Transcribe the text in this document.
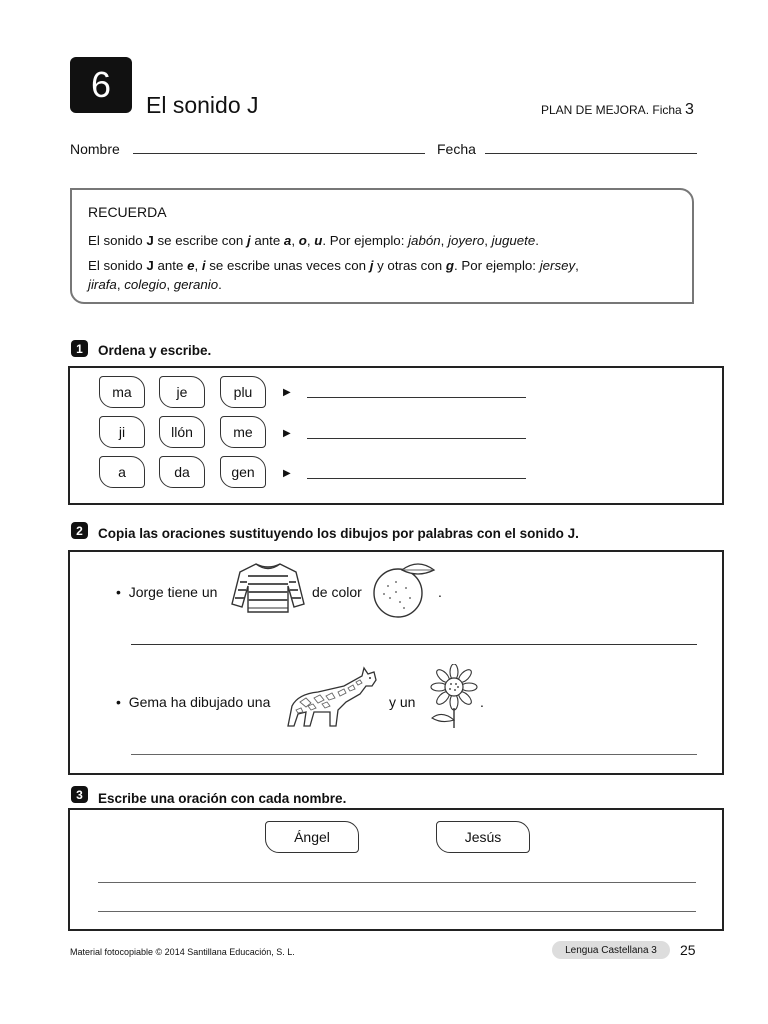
6 El sonido J	PLAN DE MEJORA. Ficha 3
Nombre	Fecha
RECUERDA
El sonido J se escribe con j ante a, o, u. Por ejemplo: jabón, joyero, juguete.
El sonido J ante e, i se escribe unas veces con j y otras con g. Por ejemplo: jersey,
jirafa, colegio, geranio.
1	Ordena y escribe.
ma	je	plu	▶
ji	llón	me	▶
a	da	gen	▶
2	Copia las oraciones sustituyendo los dibujos por palabras con el sonido J.
•  Jorge tiene un	de color	.
•  Gema ha dibujado una	y un	.
3	Escribe una oración con cada nombre.
Ángel	Jesús
Material fotocopiable © 2014 Santillana Educación, S. L.	Lengua Castellana 3	25
